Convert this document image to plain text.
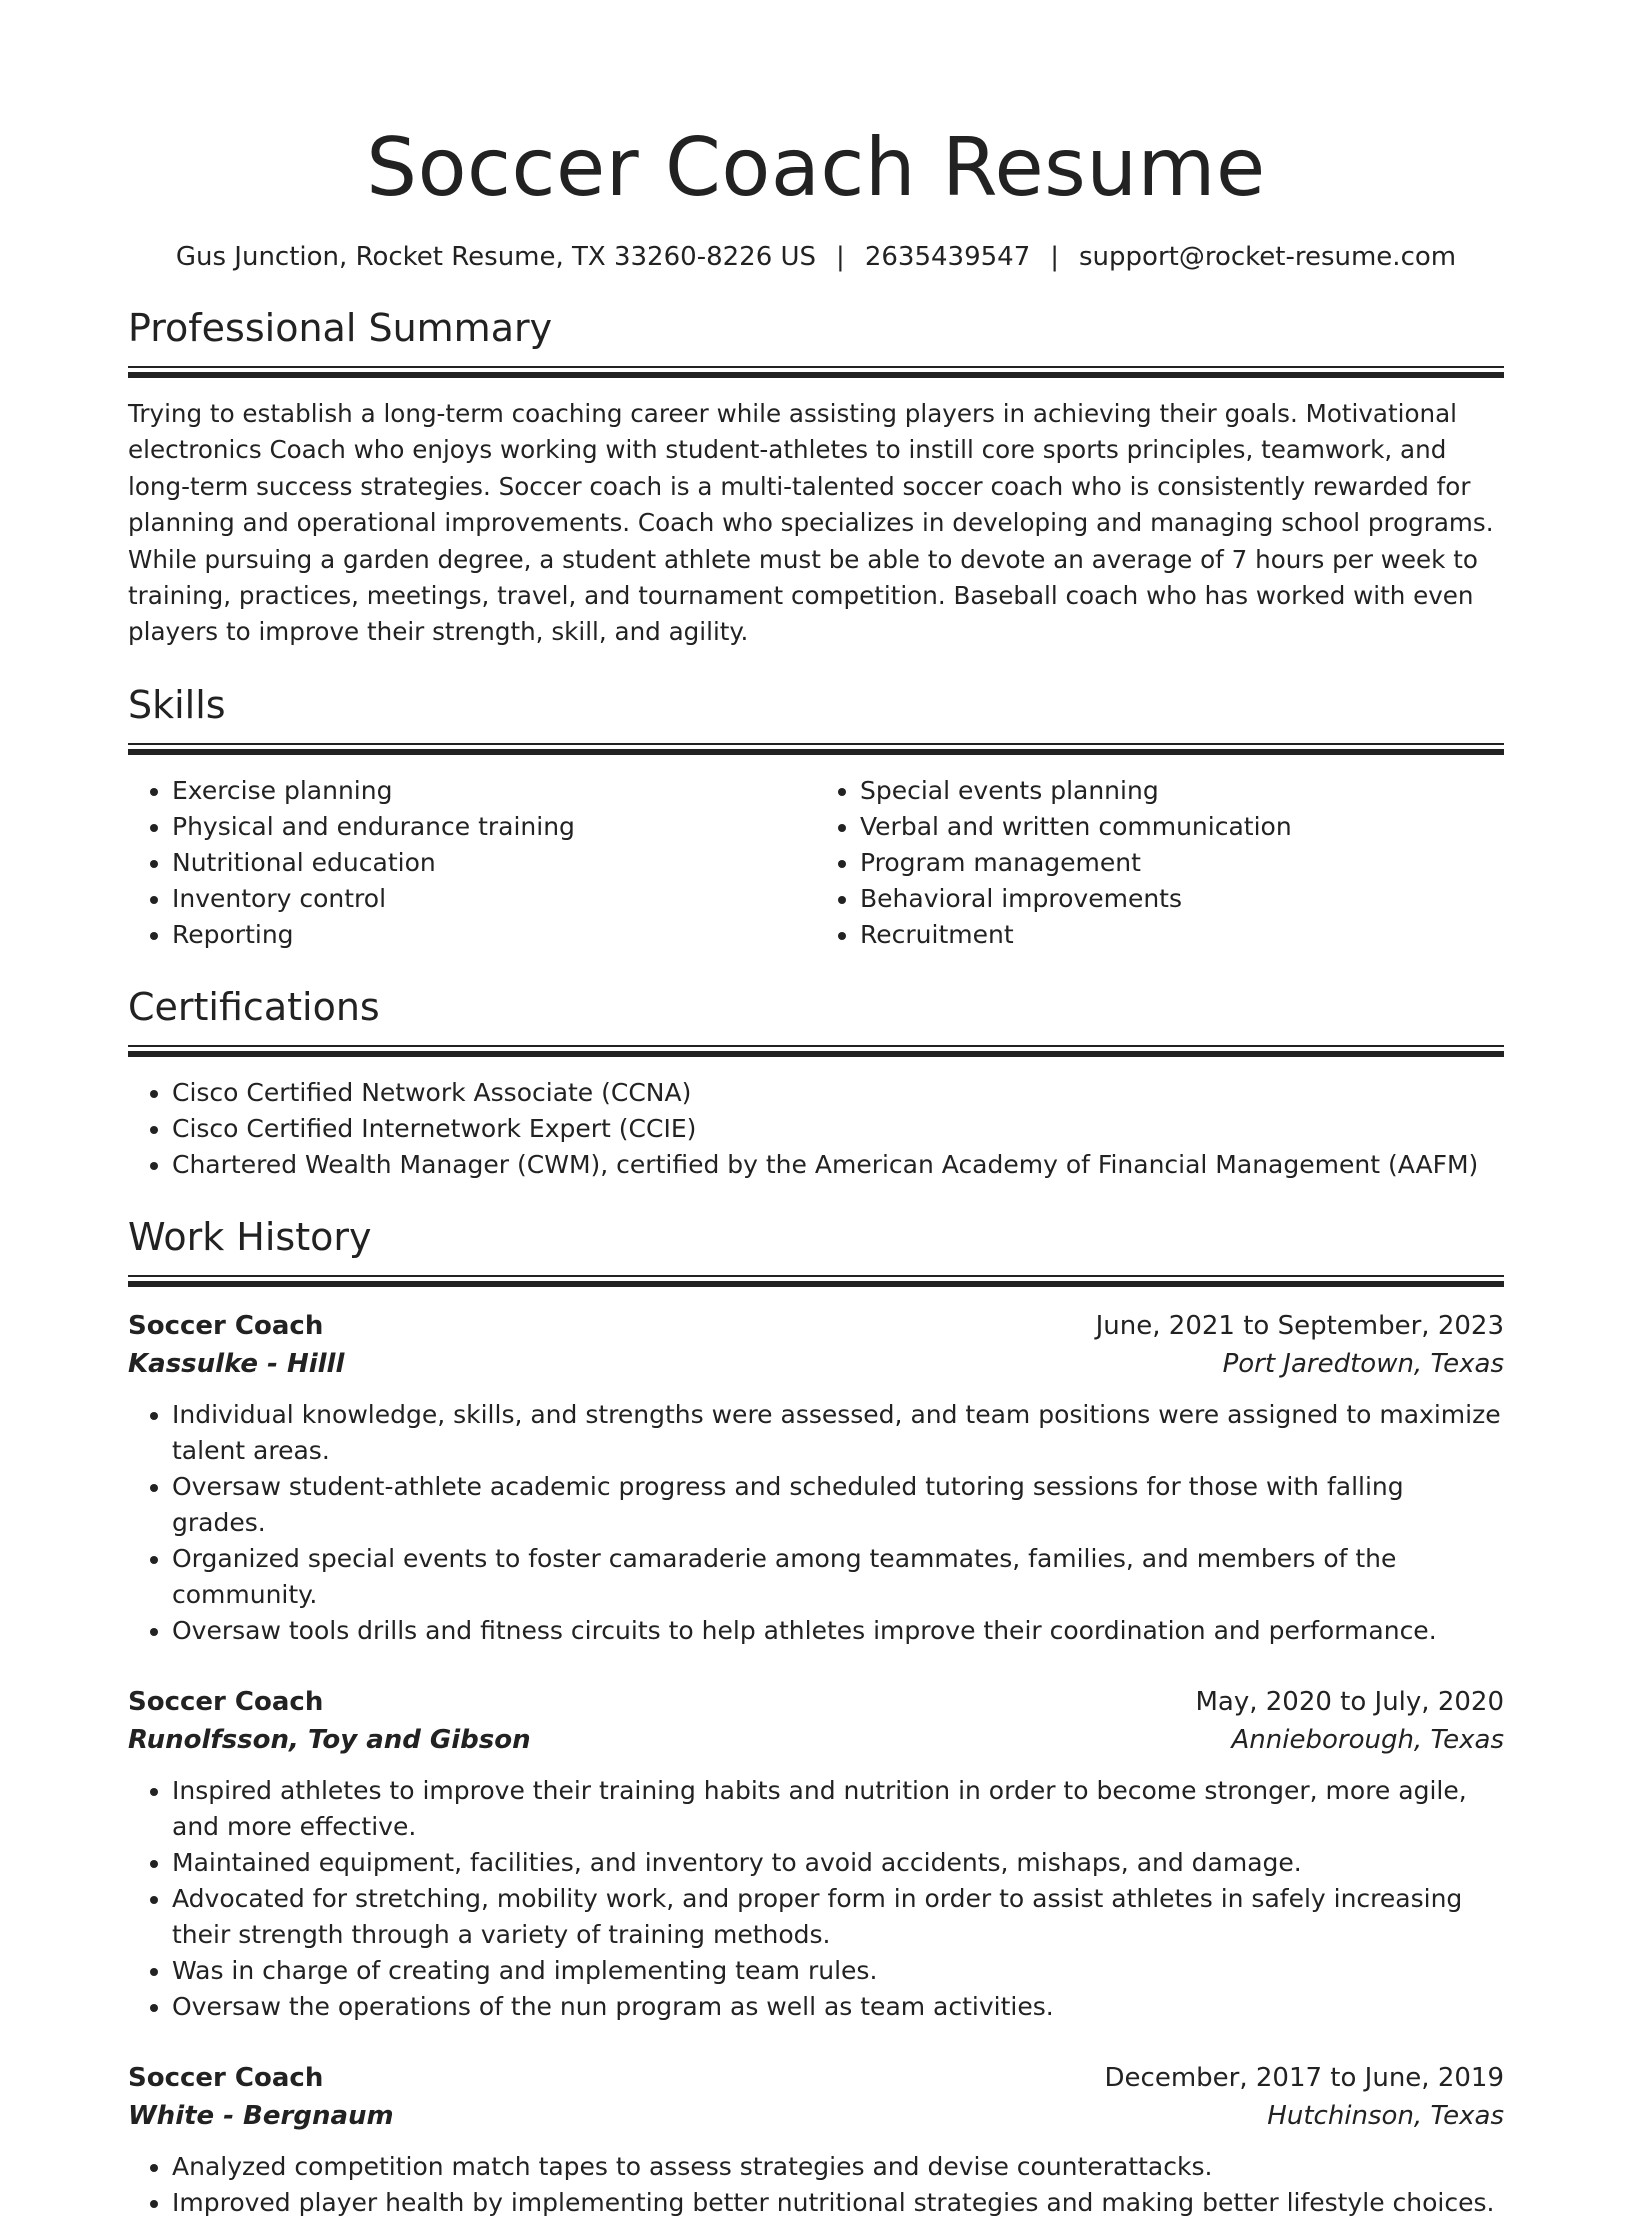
Soccer Coach Resume
Gus Junction, Rocket Resume, TX 33260-8226 US | 2635439547 | support@rocket-resume.com
Professional Summary

Trying to establish a long-term coaching career while assisting players in achieving their goals. Motivational electronics Coach who enjoys working with student-athletes to instill core sports principles, teamwork, and long-term success strategies. Soccer coach is a multi-talented soccer coach who is consistently rewarded for planning and operational improvements. Coach who specializes in developing and managing school programs. While pursuing a garden degree, a student athlete must be able to devote an average of 7 hours per week to training, practices, meetings, travel, and tournament competition. Baseball coach who has worked with even players to improve their strength, skill, and agility.

Skills
• Exercise planning
• Physical and endurance training
• Nutritional education
• Inventory control
• Reporting
• Special events planning
• Verbal and written communication
• Program management
• Behavioral improvements
• Recruitment
Certifications
• Cisco Certified Network Associate (CCNA)
• Cisco Certified Internetwork Expert (CCIE)
• Chartered Wealth Manager (CWM), certified by the American Academy of Financial Management (AAFM)
Work History
Soccer Coach	June, 2021 to September, 2023
Kassulke - Hilll	Port Jaredtown, Texas
• Individual knowledge, skills, and strengths were assessed, and team positions were assigned to maximize talent areas.
• Oversaw student-athlete academic progress and scheduled tutoring sessions for those with falling grades.
• Organized special events to foster camaraderie among teammates, families, and members of the community.
• Oversaw tools drills and fitness circuits to help athletes improve their coordination and performance.
Soccer Coach	May, 2020 to July, 2020
Runolfsson, Toy and Gibson	Annieborough, Texas
• Inspired athletes to improve their training habits and nutrition in order to become stronger, more agile, and more effective.
• Maintained equipment, facilities, and inventory to avoid accidents, mishaps, and damage.
• Advocated for stretching, mobility work, and proper form in order to assist athletes in safely increasing their strength through a variety of training methods.
• Was in charge of creating and implementing team rules.
• Oversaw the operations of the nun program as well as team activities.
Soccer Coach	December, 2017 to June, 2019
White - Bergnaum	Hutchinson, Texas
• Analyzed competition match tapes to assess strategies and devise counterattacks.
• Improved player health by implementing better nutritional strategies and making better lifestyle choices.
